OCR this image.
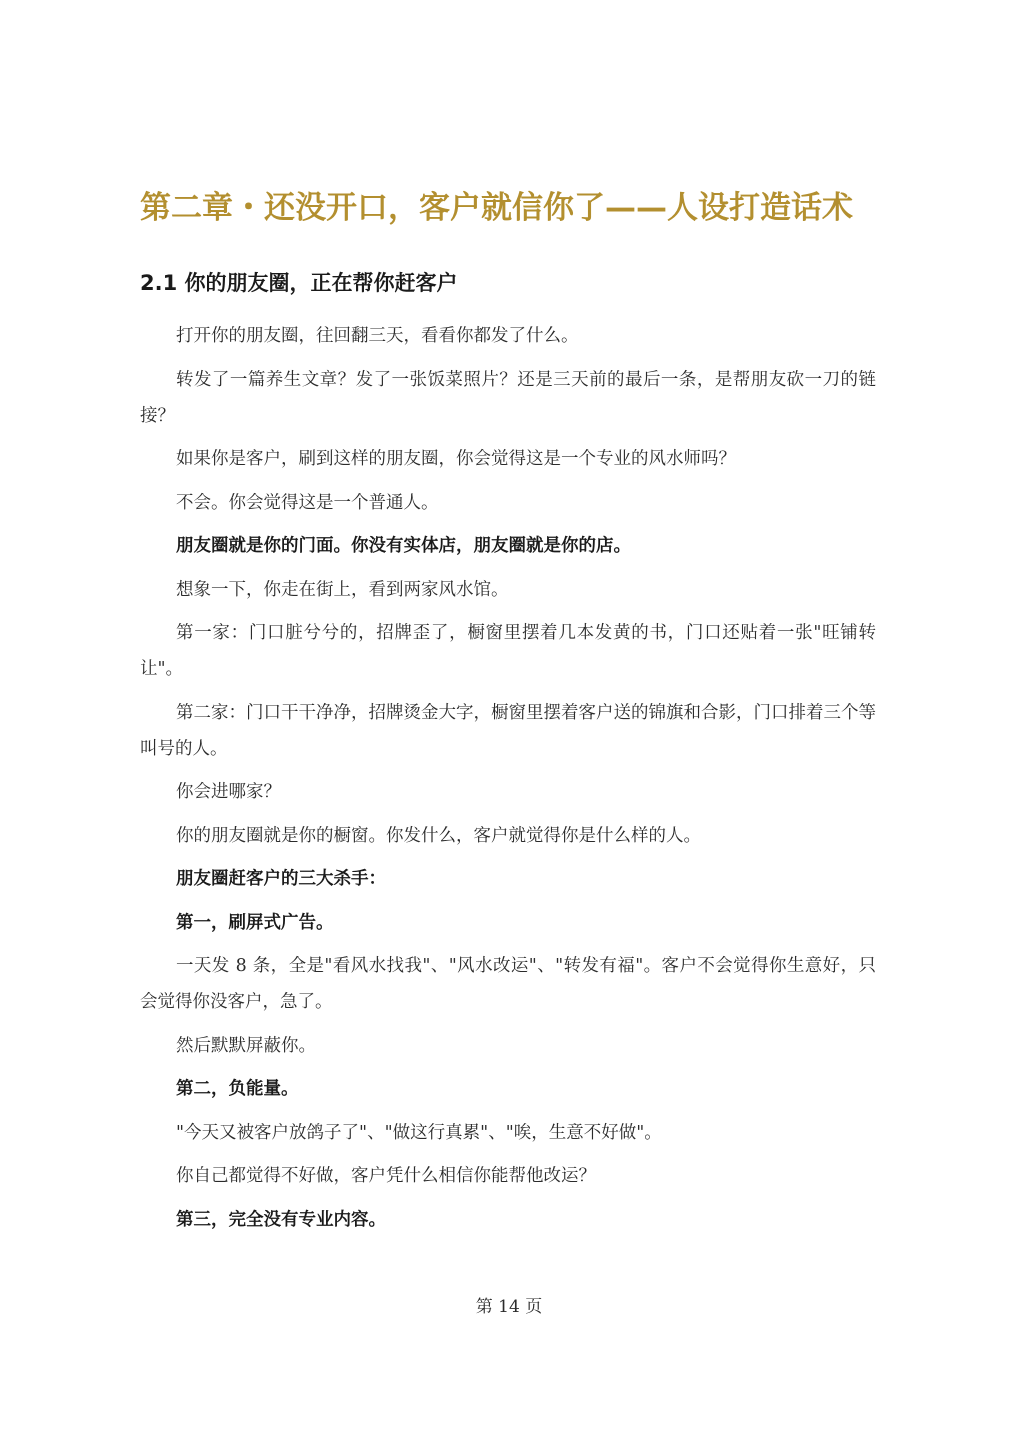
第二章・还没开口，客户就信你了——人设打造话术
2.1 你的朋友圈，正在帮你赶客户

打开你的朋友圈，往回翻三天，看看你都发了什么。

转发了一篇养生文章？发了一张饭菜照片？还是三天前的最后一条，是帮朋友砍一刀的链接？

如果你是客户，刷到这样的朋友圈，你会觉得这是一个专业的风水师吗？

不会。你会觉得这是一个普通人。

朋友圈就是你的门面。你没有实体店，朋友圈就是你的店。

想象一下，你走在街上，看到两家风水馆。

第一家：门口脏兮兮的，招牌歪了，橱窗里摆着几本发黄的书，门口还贴着一张"旺铺转让"。

第二家：门口干干净净，招牌烫金大字，橱窗里摆着客户送的锦旗和合影，门口排着三个等叫号的人。

你会进哪家？

你的朋友圈就是你的橱窗。你发什么，客户就觉得你是什么样的人。

朋友圈赶客户的三大杀手：

第一，刷屏式广告。

一天发 8 条，全是"看风水找我"、"风水改运"、"转发有福"。客户不会觉得你生意好，只会觉得你没客户，急了。

然后默默屏蔽你。

第二，负能量。

"今天又被客户放鸽子了"、"做这行真累"、"唉，生意不好做"。

你自己都觉得不好做，客户凭什么相信你能帮他改运？

第三，完全没有专业内容。

第 14 页
